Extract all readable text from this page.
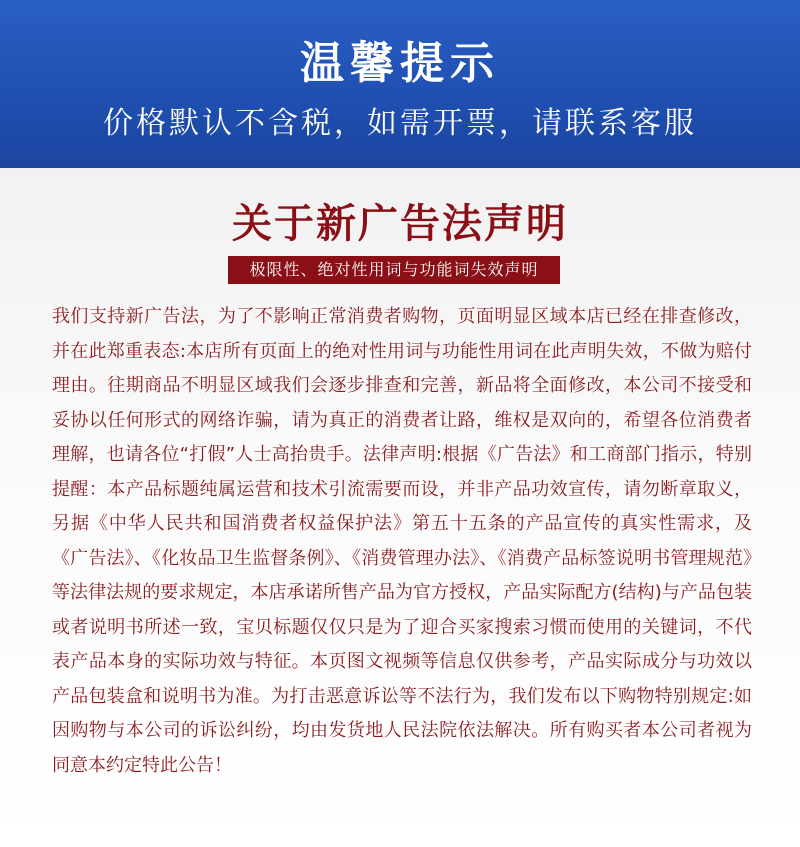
温馨提示
价格默认不含税，如需开票，请联系客服
关于新广告法声明
极限性、绝对性用词与功能词失效声明
我们支持新广告法，为了不影响正常消费者购物，页面明显区域本店已经在排查修改，并在此郑重表态:本店所有页面上的绝对性用词与功能性用词在此声明失效，不做为赔付理由。往期商品不明显区域我们会逐步排查和完善，新品将全面修改，本公司不接受和妥协以任何形式的网络诈骗，请为真正的消费者让路，维权是双向的，希望各位消费者理解，也请各位“打假”人士高抬贵手。法律声明:根据《广告法》和工商部门指示，特别提醒：本产品标题纯属运营和技术引流需要而设，并非产品功效宣传，请勿断章取义，另据《中华人民共和国消费者权益保护法》第五十五条的产品宣传的真实性需求，及《广告法》、《化妆品卫生监督条例》、《消费管理办法》、《消费产品标签说明书管理规范》等法律法规的要求规定，本店承诺所售产品为官方授权，产品实际配方(结构)与产品包装或者说明书所述一致，宝贝标题仅仅只是为了迎合买家搜索习惯而使用的关键词，不代表产品本身的实际功效与特征。本页图文视频等信息仅供参考，产品实际成分与功效以产品包装盒和说明书为准。为打击恶意诉讼等不法行为，我们发布以下购物特别规定:如因购物与本公司的诉讼纠纷，均由发货地人民法院依法解决。所有购买者本公司者视为同意本约定特此公告！
